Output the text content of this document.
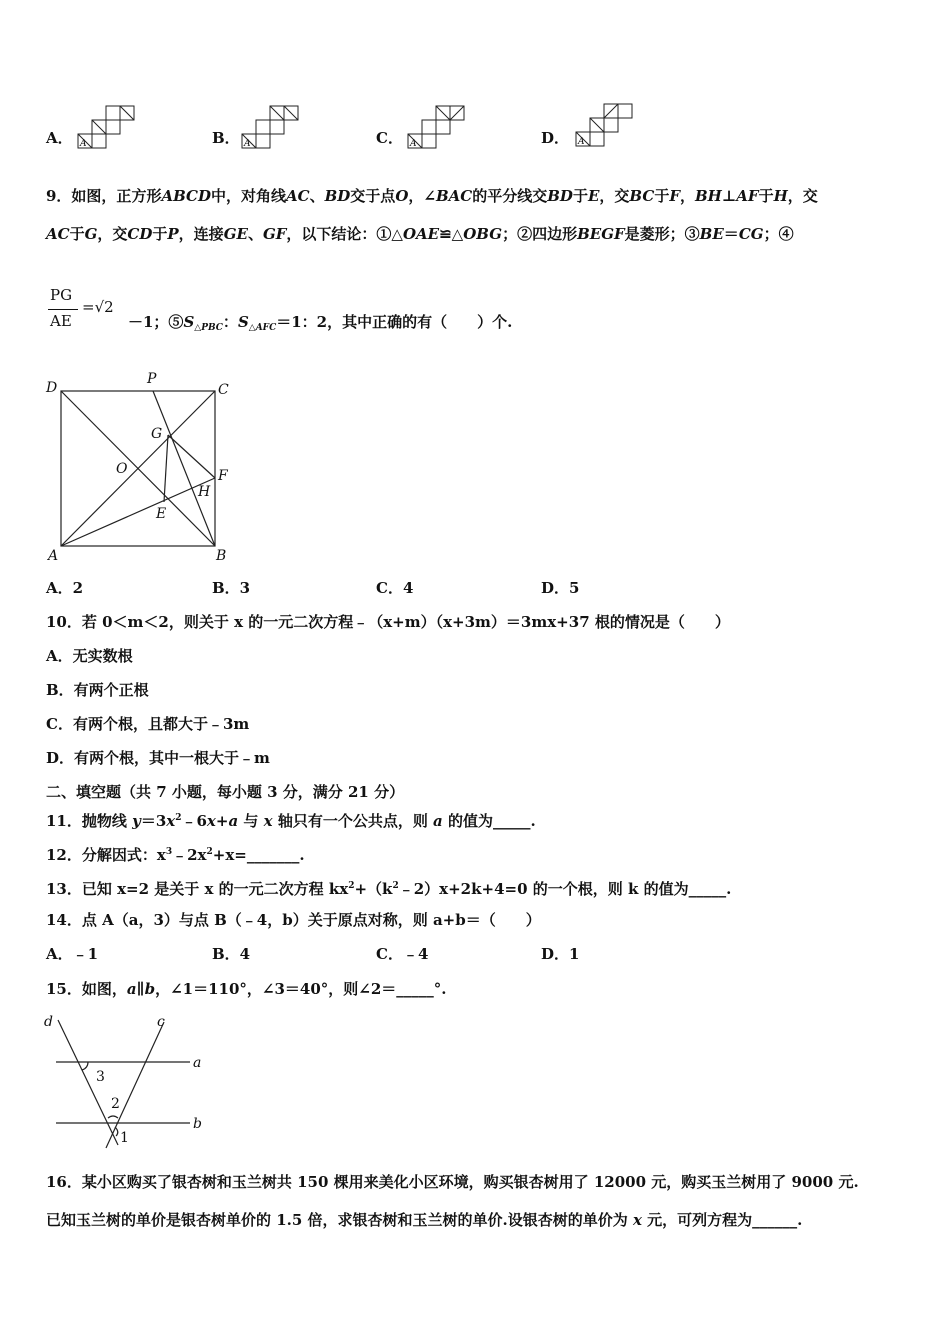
A． A	B． A	C． A	D． A
9．如图，正方形ABCD中，对角线AC、BD交于点O，∠BAC的平分线交BD于E，交BC于F，BH⊥AF于H，交
AC于G，交CD于P，连接GE、GF，以下结论：①△OAE≌△OBG；②四边形BEGF是菱形；③BE＝CG；④
PG
AE
=√2
－1；$⑤S_{\triangle PBC}$：$S_{\triangle AFC}=1$：2，其中正确的有（　　）个.
D
P
C
G
O	F
H
E
A	B
A．2	B．3	C．4	D．5
10．若 0＜m＜2，则关于 x 的一元二次方程﹣（x+m）（x+3m）＝3mx+37 根的情况是（　　）
A．无实数根
B．有两个正根
C．有两个根，且都大于﹣3m
D．有两个根，其中一根大于﹣m
二、填空题（共 7 小题，每小题 3 分，满分 21 分）
11．抛物线 $y=3x^2﹣6x+a$ 与 x 轴只有一个公共点，则 a 的值为_____.
12．分解因式：$x^3﹣2x^2+x=\_\_\_\_\_\_\_$.
13．已知 x=2 是关于 x 的一元二次方程 $kx^2+(k^2﹣2)x+2k+4=0$ 的一个根，则 k 的值为_____.
14．点 A（a，3）与点 B（﹣4，b）关于原点对称，则 a+b＝（　　）
A．﹣1	B．4	C．﹣4	D．1
15．如图，a∥b，∠1＝110°，∠3＝40°，则∠2＝_____°.
d	c
a
3
2
b
1
16．某小区购买了银杏树和玉兰树共 150 棵用来美化小区环境，购买银杏树用了 12000 元，购买玉兰树用了 9000 元.
已知玉兰树的单价是银杏树单价的 1.5 倍，求银杏树和玉兰树的单价.设银杏树的单价为 x 元，可列方程为______.
